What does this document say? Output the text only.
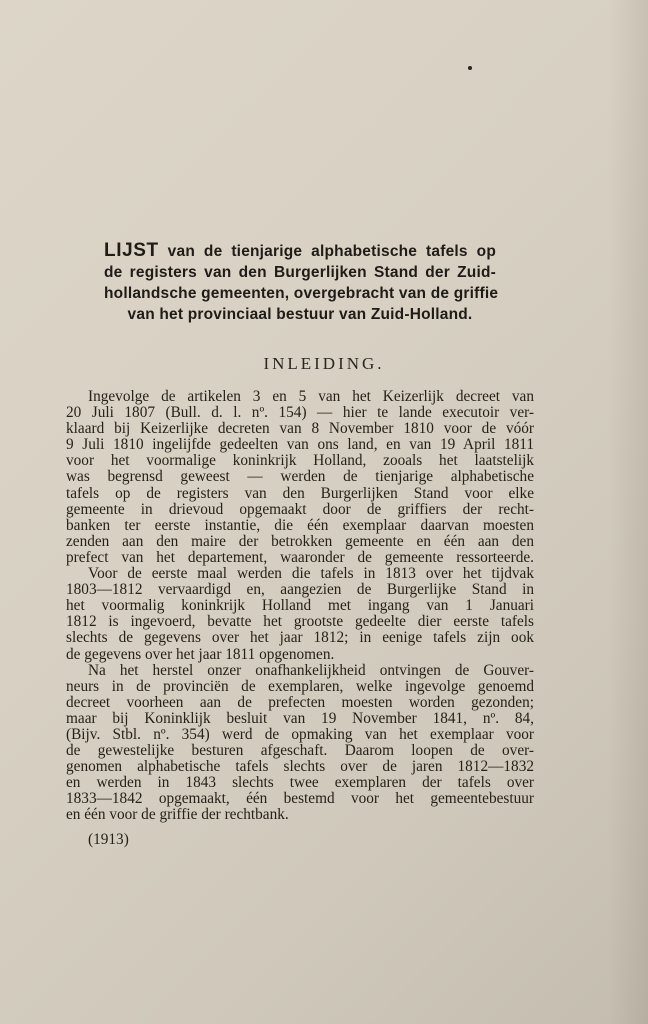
LIJST van de tienjarige alphabetische tafels op
de registers van den Burgerlijken Stand der Zuid-
hollandsche gemeenten, overgebracht van de griffie
van het provinciaal bestuur van Zuid-Holland.
INLEIDING.
Ingevolge de artikelen 3 en 5 van het Keizerlijk decreet van
20 Juli 1807 (Bull. d. l. nº. 154) — hier te lande executoir ver-
klaard bij Keizerlijke decreten van 8 November 1810 voor de vóór
9 Juli 1810 ingelijfde gedeelten van ons land, en van 19 April 1811
voor het voormalige koninkrijk Holland, zooals het laatstelijk
was begrensd geweest — werden de tienjarige alphabetische
tafels op de registers van den Burgerlijken Stand voor elke
gemeente in drievoud opgemaakt door de griffiers der recht-
banken ter eerste instantie, die één exemplaar daarvan moesten
zenden aan den maire der betrokken gemeente en één aan den
prefect van het departement, waaronder de gemeente ressorteerde.
Voor de eerste maal werden die tafels in 1813 over het tijdvak
1803—1812 vervaardigd en, aangezien de Burgerlijke Stand in
het voormalig koninkrijk Holland met ingang van 1 Januari
1812 is ingevoerd, bevatte het grootste gedeelte dier eerste tafels
slechts de gegevens over het jaar 1812; in eenige tafels zijn ook
de gegevens over het jaar 1811 opgenomen.
Na het herstel onzer onafhankelijkheid ontvingen de Gouver-
neurs in de provinciën de exemplaren, welke ingevolge genoemd
decreet voorheen aan de prefecten moesten worden gezonden;
maar bij Koninklijk besluit van 19 November 1841, nº. 84,
(Bijv. Stbl. nº. 354) werd de opmaking van het exemplaar voor
de gewestelijke besturen afgeschaft. Daarom loopen de over-
genomen alphabetische tafels slechts over de jaren 1812—1832
en werden in 1843 slechts twee exemplaren der tafels over
1833—1842 opgemaakt, één bestemd voor het gemeentebestuur
en één voor de griffie der rechtbank.
(1913)
